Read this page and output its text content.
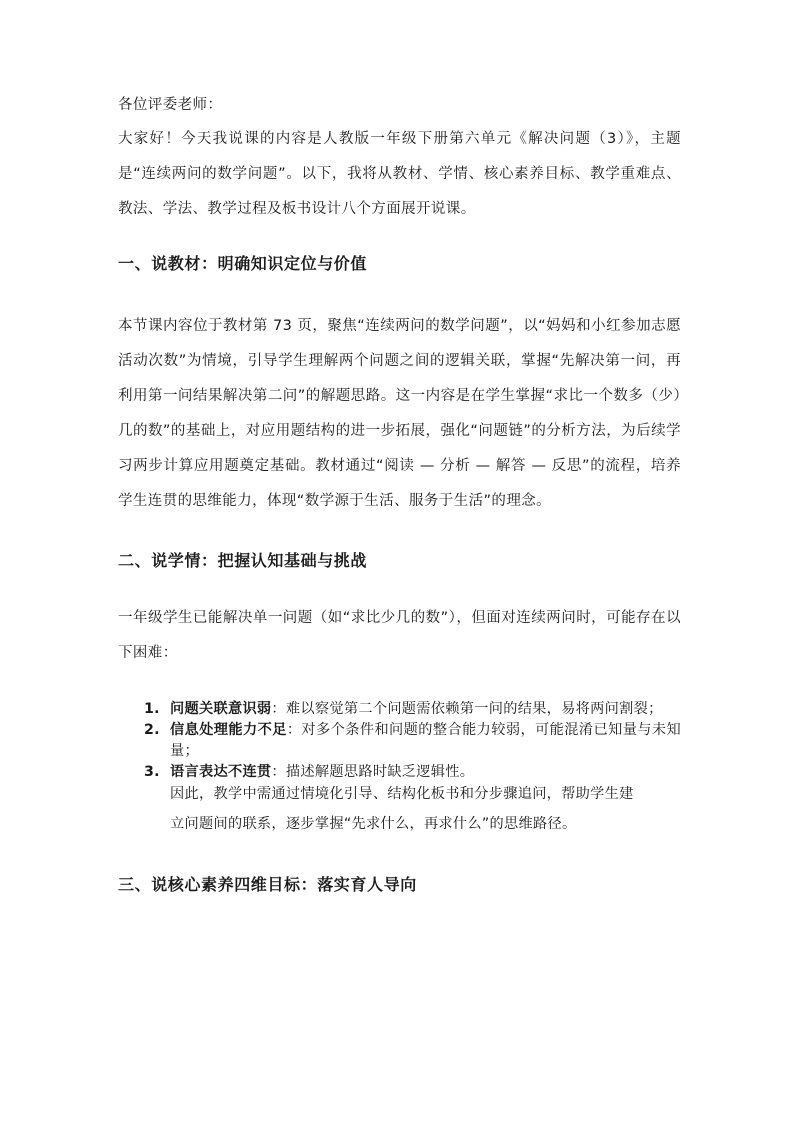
各位评委老师：

大家好！今天我说课的内容是人教版一年级下册第六单元《解决问题（3）》，主题是“连续两问的数学问题”。以下，我将从教材、学情、核心素养目标、教学重难点、教法、学法、教学过程及板书设计八个方面展开说课。

一、说教材：明确知识定位与价值

本节课内容位于教材第 73 页，聚焦“连续两问的数学问题”，以“妈妈和小红参加志愿活动次数”为情境，引导学生理解两个问题之间的逻辑关联，掌握“先解决第一问，再利用第一问结果解决第二问”的解题思路。这一内容是在学生掌握“求比一个数多（少）几的数”的基础上，对应用题结构的进一步拓展，强化“问题链”的分析方法，为后续学习两步计算应用题奠定基础。教材通过“阅读 — 分析 — 解答 — 反思”的流程，培养学生连贯的思维能力，体现“数学源于生活、服务于生活”的理念。

二、说学情：把握认知基础与挑战

一年级学生已能解决单一问题（如“求比少几的数”），但面对连续两问时，可能存在以下困难：

1. 问题关联意识弱：难以察觉第二个问题需依赖第一问的结果，易将两问割裂；
2. 信息处理能力不足：对多个条件和问题的整合能力较弱，可能混淆已知量与未知量；
3. 语言表达不连贯：描述解题思路时缺乏逻辑性。

因此，教学中需通过情境化引导、结构化板书和分步骤追问，帮助学生建
立问题间的联系，逐步掌握“先求什么，再求什么”的思维路径。

三、说核心素养四维目标：落实育人导向
